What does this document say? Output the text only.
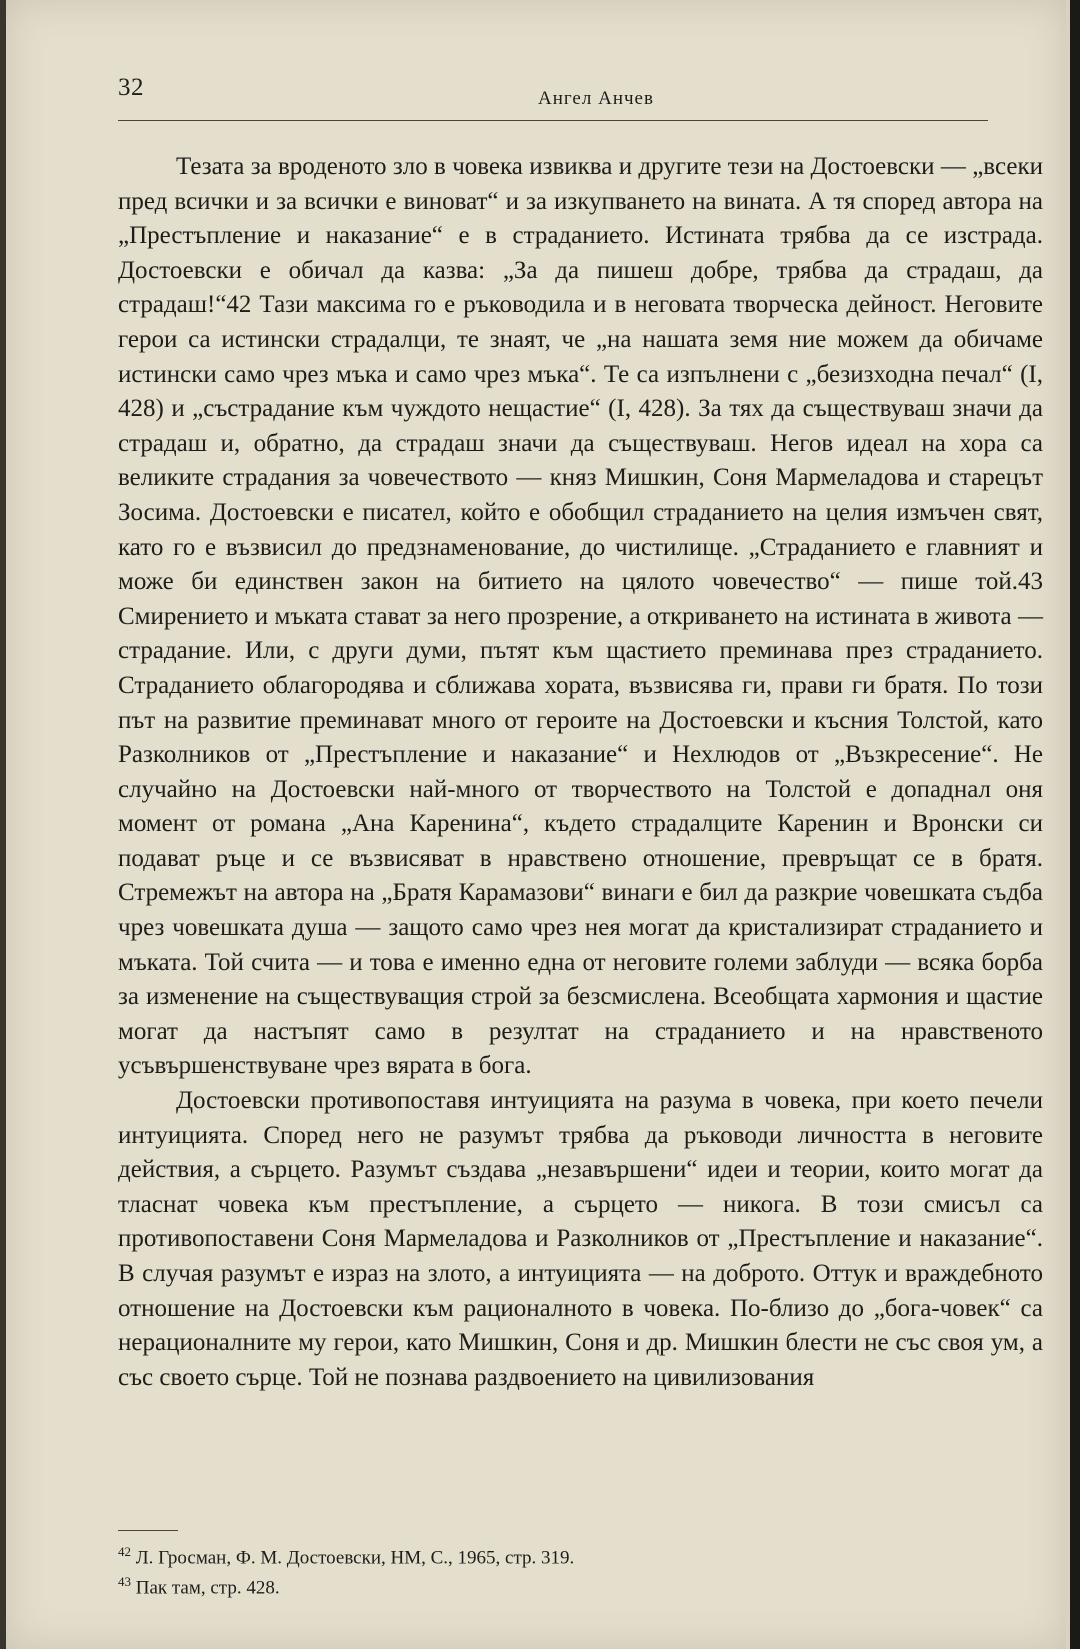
32	Ангел Анчев

Тезата за вроденото зло в човека извиква и другите тези на Достоевски — „всеки пред всички и за всички е виноват“ и за изкупването на вината. А тя според автора на „Престъпление и наказание“ е в страданието. Истината трябва да се изстрада. Достоевски е обичал да казва: „За да пишеш добре, трябва да страдаш, да страдаш!“42 Тази максима го е ръководила и в неговата творческа дейност. Неговите герои са истински страдалци, те знаят, че „на нашата земя ние можем да обичаме истински само чрез мъка и само чрез мъка“. Те са изпълнени с „безизходна печал“ (I, 428) и „състрадание към чуждото нещастие“ (I, 428). За тях да съществуваш значи да страдаш и, обратно, да страдаш значи да съществуваш. Негов идеал на хора са великите страдания за човечеството — княз Мишкин, Соня Мармеладова и старецът Зосима. Достоевски е писател, който е обобщил страданието на целия измъчен свят, като го е възвисил до предзнаменование, до чистилище. „Страданието е главният и може би единствен закон на битието на цялото човечество“ — пише той.43 Смирението и мъката стават за него прозрение, а откриването на истината в живота — страдание. Или, с други думи, пътят към щастието преминава през страданието. Страданието облагородява и сближава хората, възвисява ги, прави ги братя. По този път на развитие преминават много от героите на Достоевски и късния Толстой, като Разколников от „Престъпление и наказание“ и Нехлюдов от „Възкресение“. Не случайно на Достоевски най-много от творчеството на Толстой е допаднал оня момент от романа „Ана Каренина“, където страдалците Каренин и Вронски си подават ръце и се възвисяват в нравствено отношение, превръщат се в братя. Стремежът на автора на „Братя Карамазови“ винаги е бил да разкрие човешката съдба чрез човешката душа — защото само чрез нея могат да кристализират страданието и мъката. Той счита — и това е именно една от неговите големи заблуди — всяка борба за изменение на съществуващия строй за безсмислена. Всеобщата хармония и щастие могат да настъпят само в резултат на страданието и на нравственото усъвършенствуване чрез вярата в бога.

Достоевски противопоставя интуицията на разума в човека, при което печели интуицията. Според него не разумът трябва да ръководи личността в неговите действия, а сърцето. Разумът създава „незавършени“ идеи и теории, които могат да тласнат човека към престъпление, а сърцето — никога. В този смисъл са противопоставени Соня Мармеладова и Разколников от „Престъпление и наказание“. В случая разумът е израз на злото, а интуицията — на доброто. Оттук и враждебното отношение на Достоевски към рационалното в човека. По-близо до „бога-човек“ са нерационалните му герои, като Мишкин, Соня и др. Мишкин блести не със своя ум, а със своето сърце. Той не познава раздвоението на цивилизования

$^{42}$ Л. Гросман, Ф. М. Достоевски, НМ, С., 1965, стр. 319.
$^{43}$ Пак там, стр. 428.
